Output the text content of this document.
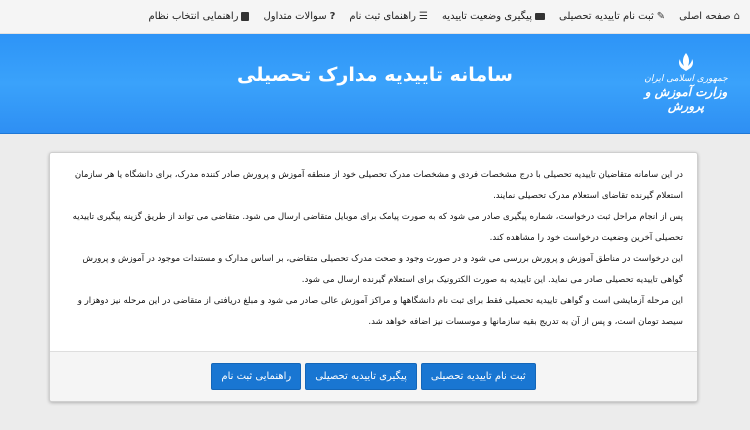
⌂
صفحه اصلی
✎
ثبت نام تاییدیه تحصیلی
پیگیری وضعیت تاییدیه
☰
راهنمای ثبت نام
?
سوالات متداول
راهنمایی انتخاب نظام
جمهوری اسلامی ایران
وزارت آموزش و پرورش
سامانه تاییدیه مدارک تحصیلی

در این سامانه متقاضیان تاییدیه تحصیلی با درج مشخصات فردی و مشخصات مدرک تحصیلی خود از منطقه آموزش و پرورش صادر کننده مدرک، برای دانشگاه یا هر سازمان استعلام گیرنده تقاضای استعلام مدرک تحصیلی نمایند.

پس از انجام مراحل ثبت درخواست، شماره پیگیری صادر می شود که به صورت پیامک برای موبایل متقاضی ارسال می شود. متقاضی می تواند از طریق گزینه پیگیری تاییدیه تحصیلی آخرین وضعیت درخواست خود را مشاهده کند.

این درخواست در مناطق آموزش و پرورش بررسی می شود و در صورت وجود و صحت مدرک تحصیلی متقاضی، بر اساس مدارک و مستندات موجود در آموزش و پرورش گواهی تاییدیه تحصیلی صادر می نماید. این تاییدیه به صورت الکترونیک برای استعلام گیرنده ارسال می شود.

این مرحله آزمایشی است و گواهی تاییدیه تحصیلی فقط برای ثبت نام دانشگاهها و مراکز آموزش عالی صادر می شود و مبلغ دریافتی از متقاضی در این مرحله نیز دوهزار و سیصد تومان است، و پس از آن به تدریج بقیه سازمانها و موسسات نیز اضافه خواهد شد.

ثبت نام تاییدیه تحصیلی
پیگیری تاییدیه تحصیلی
راهنمایی ثبت نام
